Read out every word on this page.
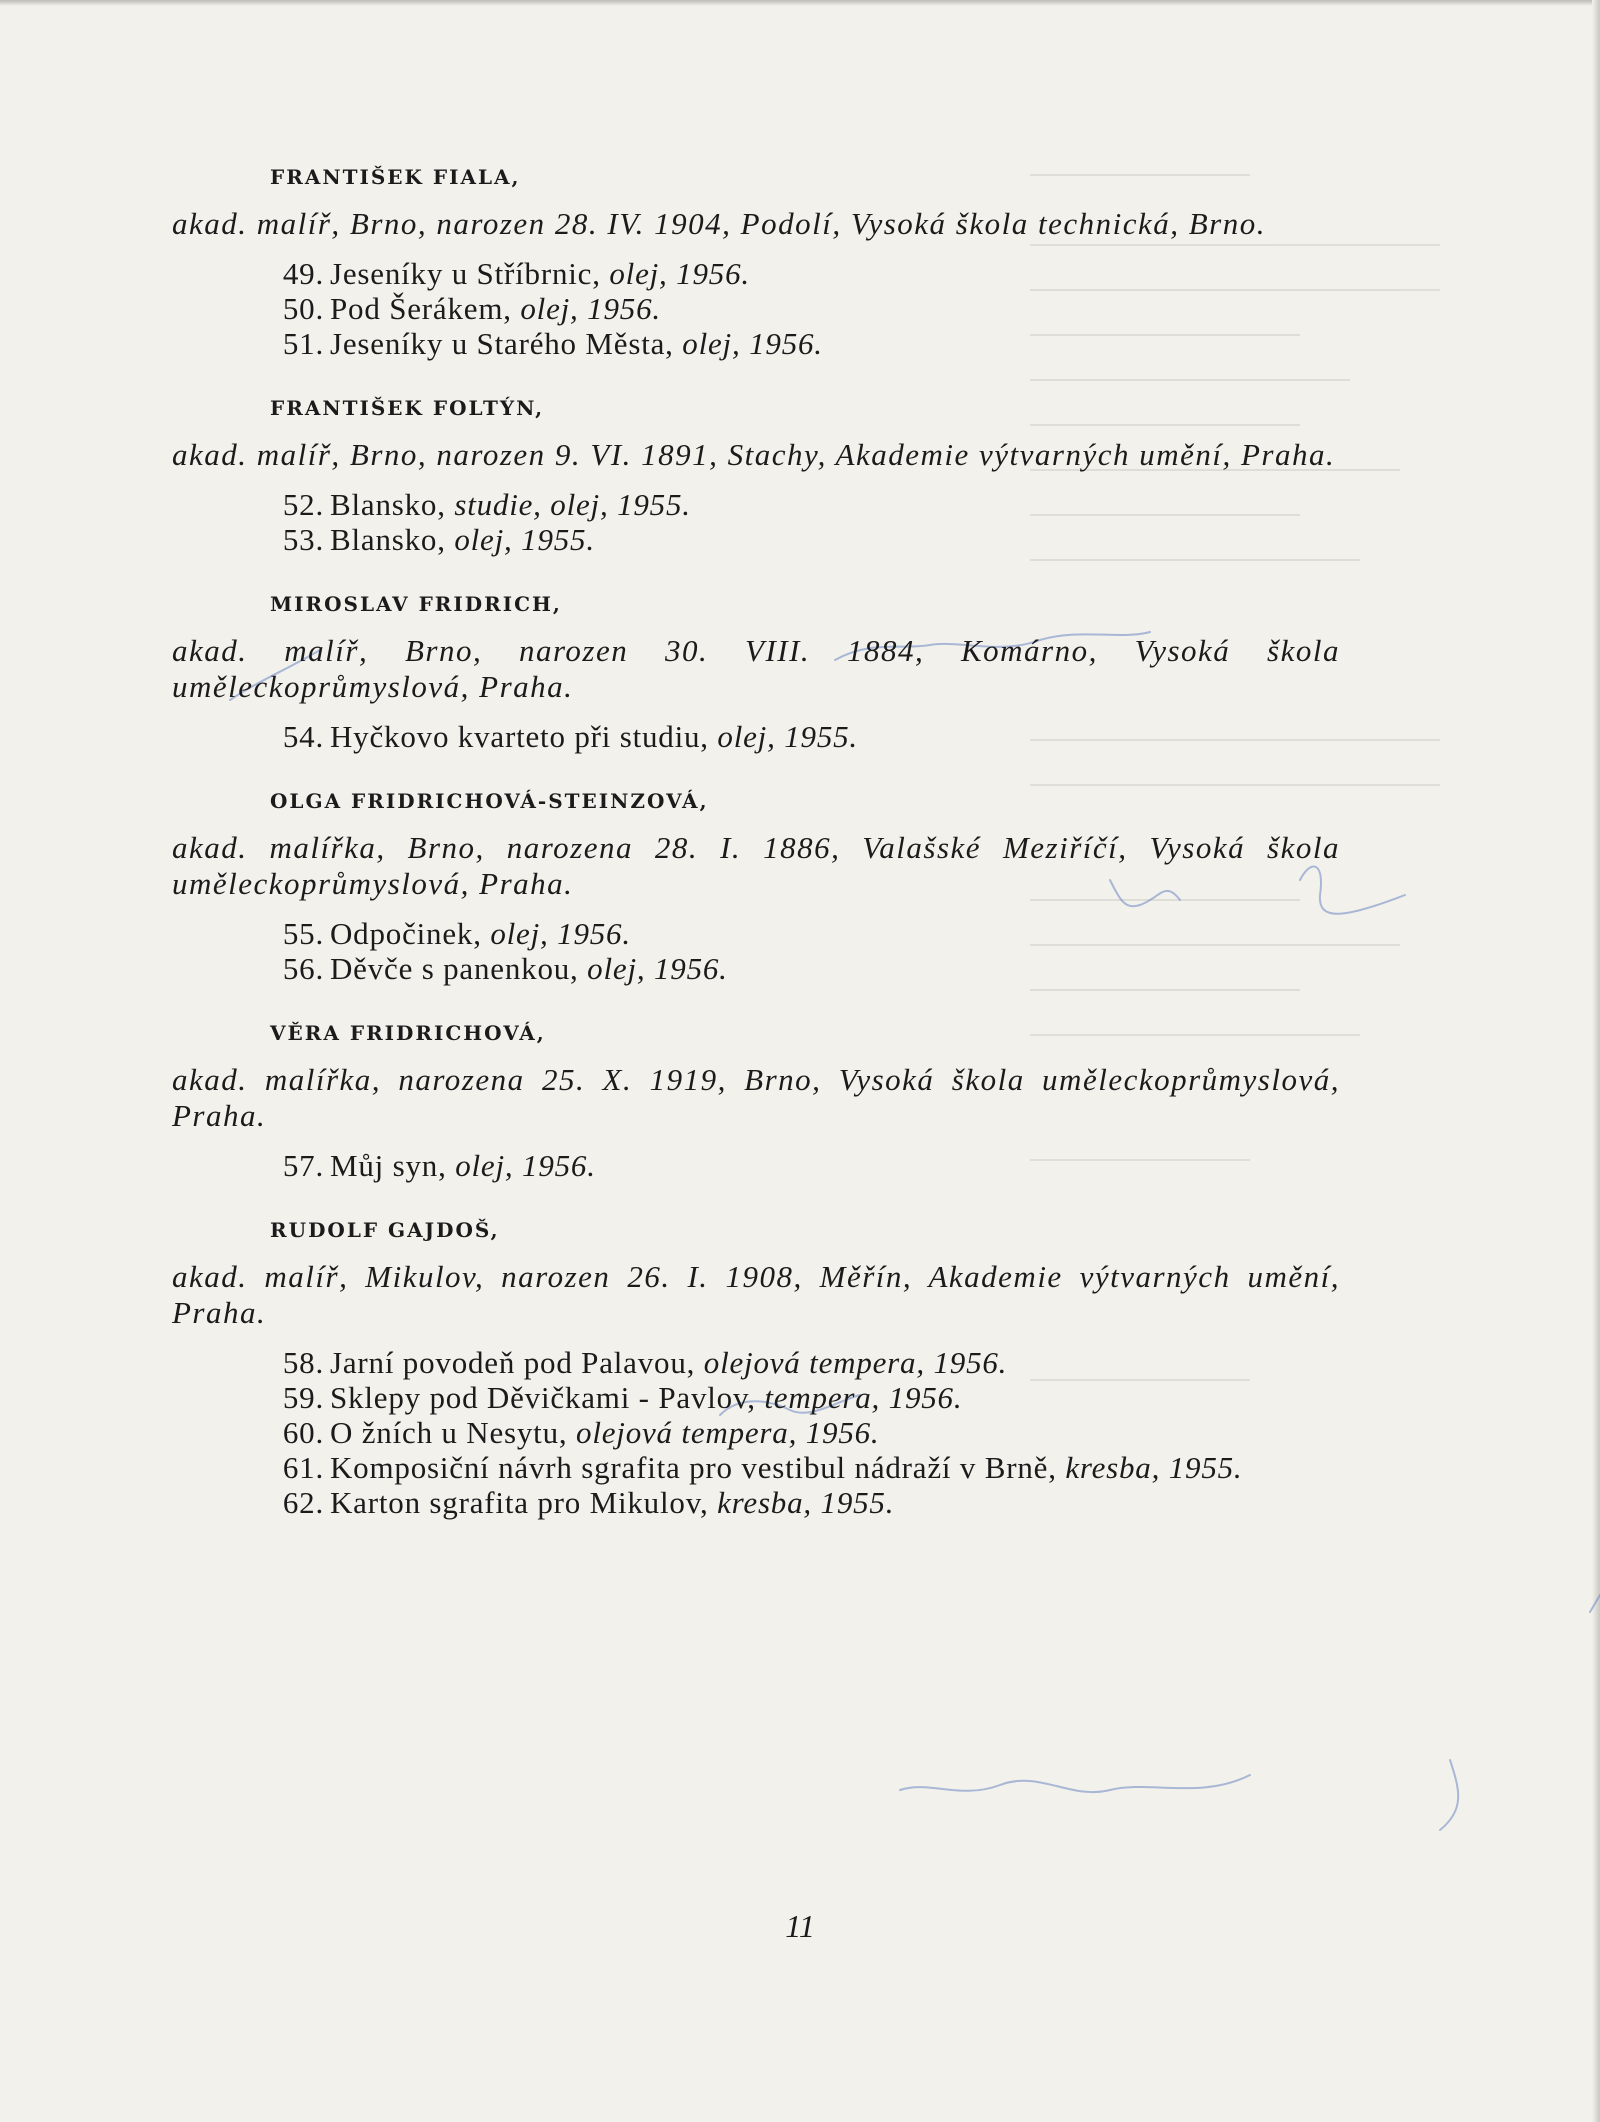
FRANTIŠEK FIALA,

akad. malíř, Brno, narozen 28. IV. 1904, Podolí, Vysoká škola technická, Brno.

49. Jeseníky u Stříbrnic, olej, 1956.
50. Pod Šerákem, olej, 1956.
51. Jeseníky u Starého Města, olej, 1956.
FRANTIŠEK FOLTÝN,

akad. malíř, Brno, narozen 9. VI. 1891, Stachy, Akademie výtvarných umění, Praha.

52. Blansko, studie, olej, 1955.
53. Blansko, olej, 1955.
MIROSLAV FRIDRICH,

akad. malíř, Brno, narozen 30. VIII. 1884, Komárno, Vysoká škola uměleckoprůmyslová, Praha.

54. Hyčkovo kvarteto při studiu, olej, 1955.
OLGA FRIDRICHOVÁ-STEINZOVÁ,

akad. malířka, Brno, narozena 28. I. 1886, Valašské Meziříčí, Vysoká škola uměleckoprůmyslová, Praha.

55. Odpočinek, olej, 1956.
56. Děvče s panenkou, olej, 1956.
VĚRA FRIDRICHOVÁ,

akad. malířka, narozena 25. X. 1919, Brno, Vysoká škola uměleckoprůmyslová, Praha.

57. Můj syn, olej, 1956.
RUDOLF GAJDOŠ,

akad. malíř, Mikulov, narozen 26. I. 1908, Měřín, Akademie výtvarných umění, Praha.

58. Jarní povodeň pod Palavou, olejová tempera, 1956.
59. Sklepy pod Děvičkami - Pavlov, tempera, 1956.
60. O žních u Nesytu, olejová tempera, 1956.
61. Komposiční návrh sgrafita pro vestibul nádraží v Brně, kresba, 1955.
62. Karton sgrafita pro Mikulov, kresba, 1955.
11
